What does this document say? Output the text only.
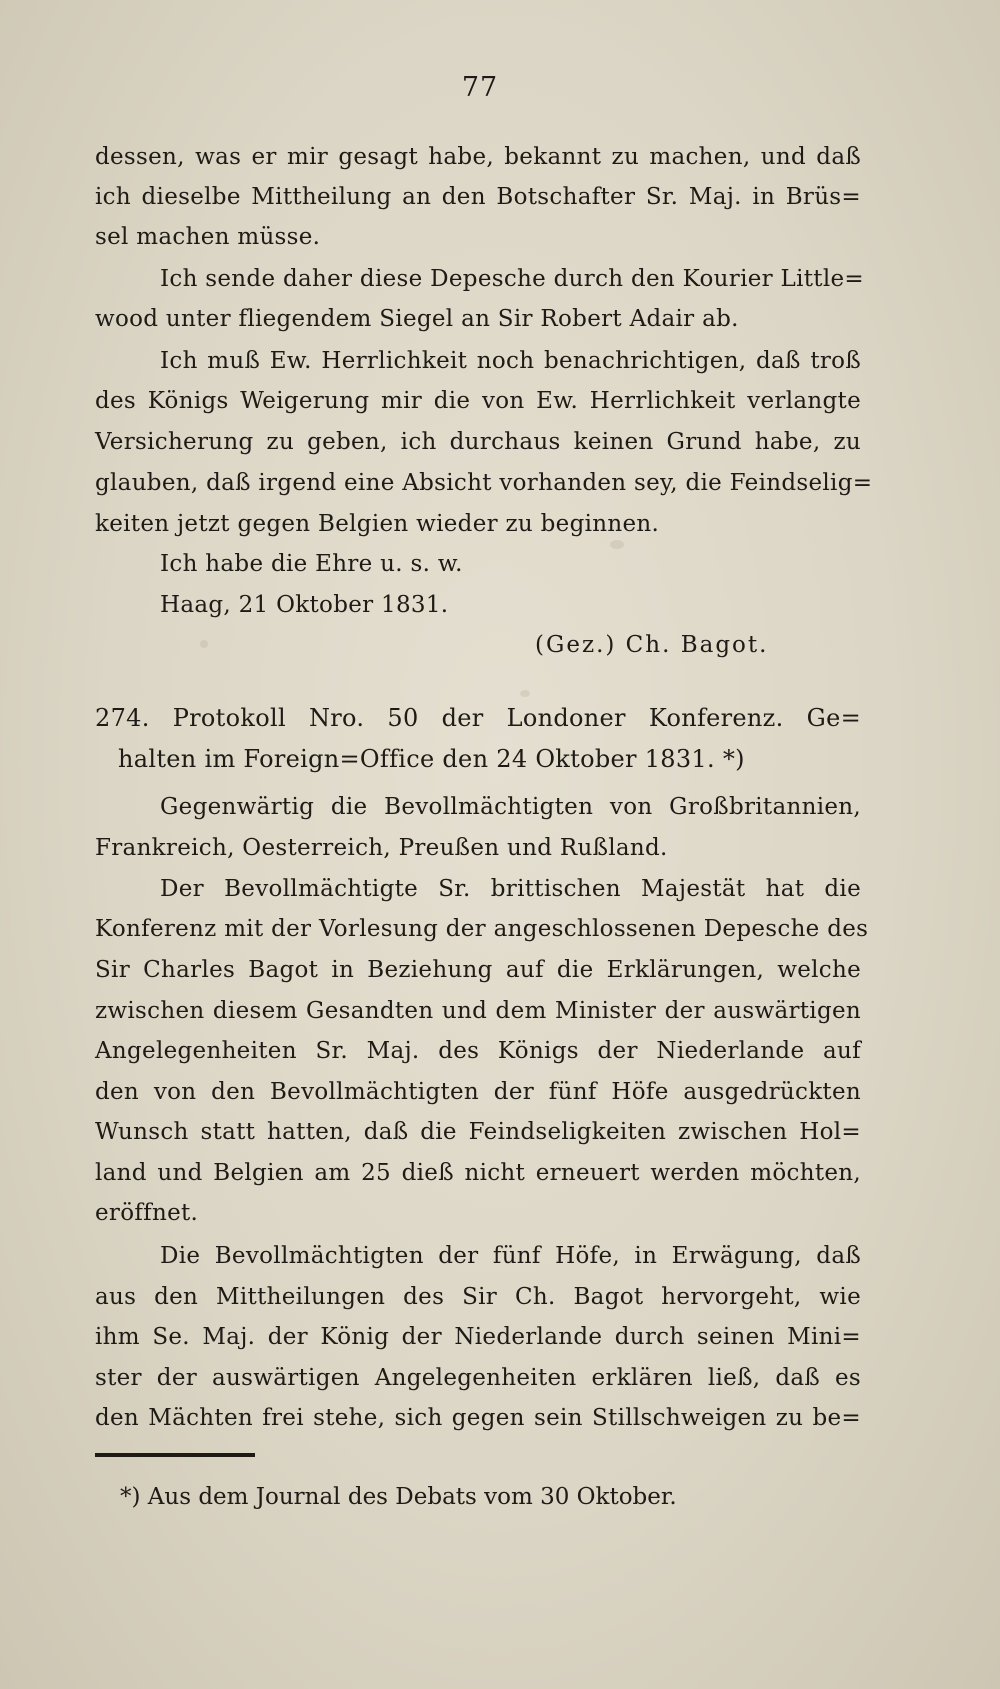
77
dessen, was er mir gesagt habe, bekannt zu machen, und daß
ich dieselbe Mittheilung an den Botschafter Sr. Maj. in Brüs=
sel machen müsse.
Ich sende daher diese Depesche durch den Kourier Little=
wood unter fliegendem Siegel an Sir Robert Adair ab.
Ich muß Ew. Herrlichkeit noch benachrichtigen, daß troß
des Königs Weigerung mir die von Ew. Herrlichkeit verlangte
Versicherung zu geben, ich durchaus keinen Grund habe, zu
glauben, daß irgend eine Absicht vorhanden sey, die Feindselig=
keiten jetzt gegen Belgien wieder zu beginnen.
Ich habe die Ehre u. s. w.
Haag, 21 Oktober 1831.
(Gez.) Ch. Bagot.
274. Protokoll Nro. 50 der Londoner Konferenz. Ge=
halten im Foreign=Office den 24 Oktober 1831. *)
Gegenwärtig die Bevollmächtigten von Großbritannien,
Frankreich, Oesterreich, Preußen und Rußland.
Der Bevollmächtigte Sr. brittischen Majestät hat die
Konferenz mit der Vorlesung der angeschlossenen Depesche des
Sir Charles Bagot in Beziehung auf die Erklärungen, welche
zwischen diesem Gesandten und dem Minister der auswärtigen
Angelegenheiten Sr. Maj. des Königs der Niederlande auf
den von den Bevollmächtigten der fünf Höfe ausgedrückten
Wunsch statt hatten, daß die Feindseligkeiten zwischen Hol=
land und Belgien am 25 dieß nicht erneuert werden möchten,
eröffnet.
Die Bevollmächtigten der fünf Höfe, in Erwägung, daß
aus den Mittheilungen des Sir Ch. Bagot hervorgeht, wie
ihm Se. Maj. der König der Niederlande durch seinen Mini=
ster der auswärtigen Angelegenheiten erklären ließ, daß es
den Mächten frei stehe, sich gegen sein Stillschweigen zu be=
*) Aus dem Journal des Debats vom 30 Oktober.
